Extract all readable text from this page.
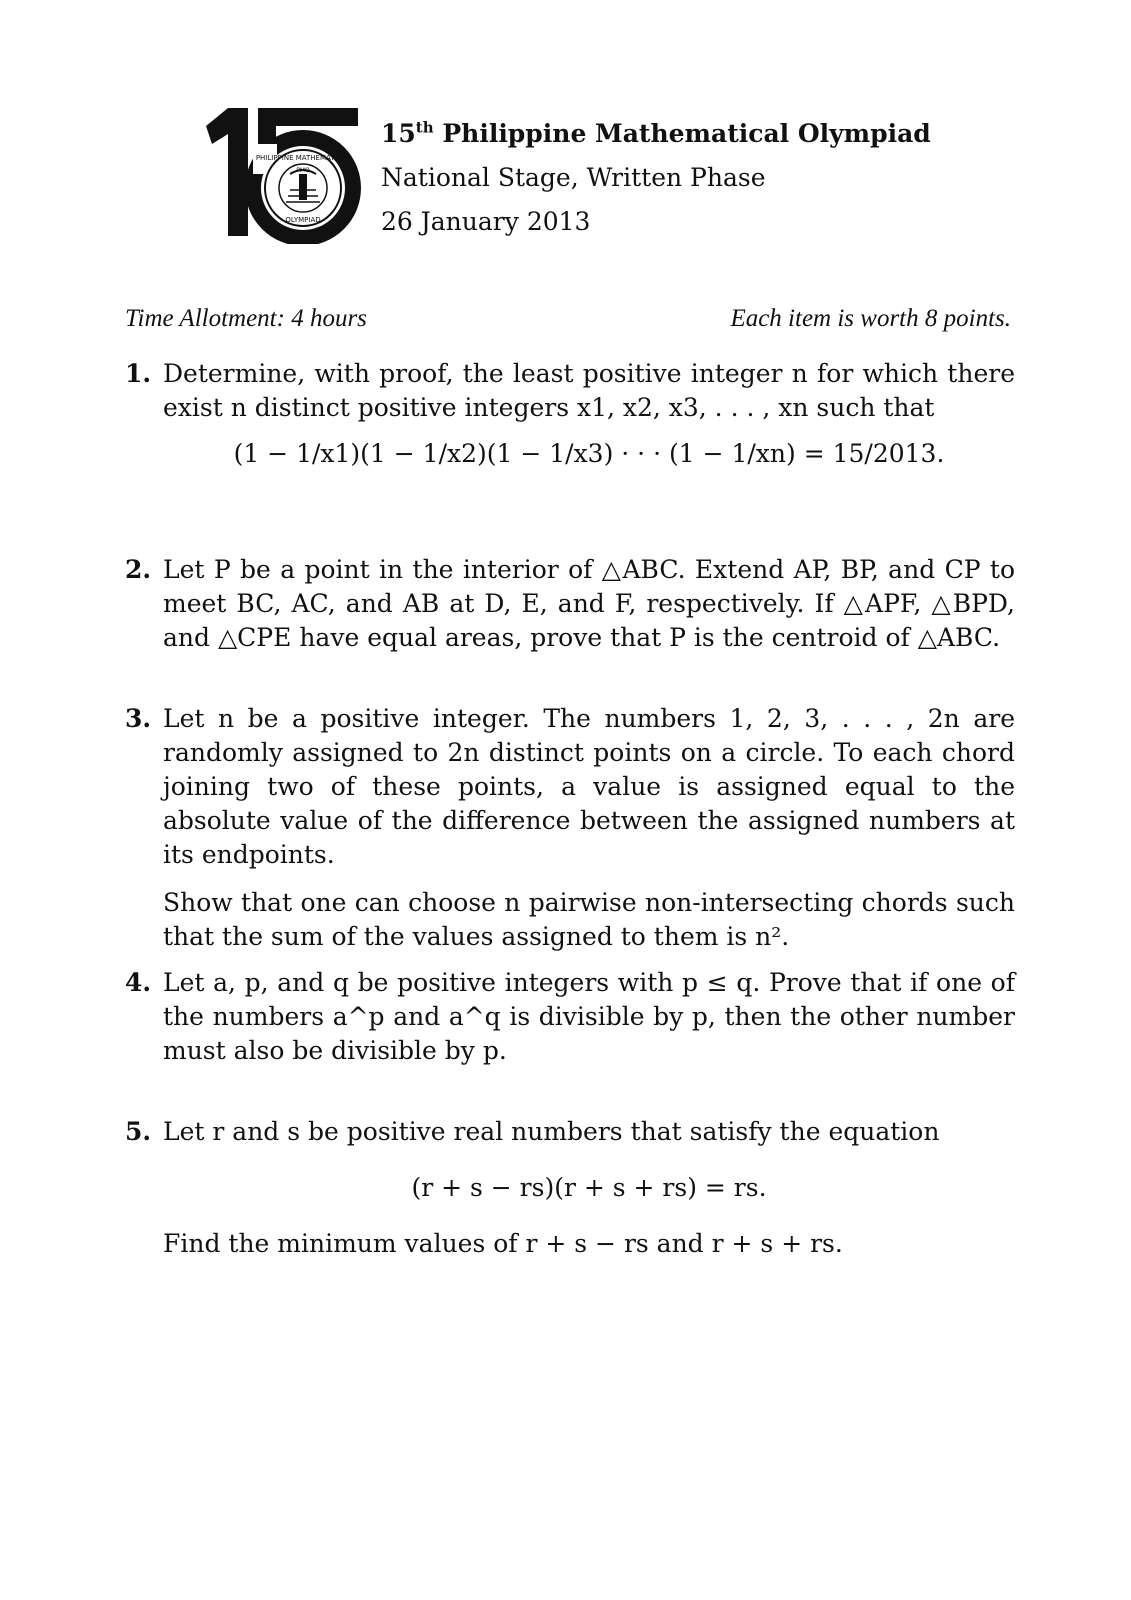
PHILIPPINE MATHEMATICAL
OLYMPIAD
PMO
15th Philippine Mathematical Olympiad
National Stage, Written Phase
26 January 2013
Time Allotment: 4 hours	Each item is worth 8 points.
1. Determine, with proof, the least positive integer n for which there exist n distinct positive integers x1, x2, x3, . . . , xn such that

(1 − 1/x1)(1 − 1/x2)(1 − 1/x3) · · · (1 − 1/xn) = 15/2013.
2. Let P be a point in the interior of △ABC. Extend AP, BP, and CP to meet BC, AC, and AB at D, E, and F, respectively. If △APF, △BPD, and △CPE have equal areas, prove that P is the centroid of △ABC.

3. Let n be a positive integer. The numbers 1, 2, 3, . . . , 2n are randomly assigned to 2n distinct points on a circle. To each chord joining two of these points, a value is assigned equal to the absolute value of the difference between the assigned numbers at its endpoints.

Show that one can choose n pairwise non-intersecting chords such that the sum of the values assigned to them is n².

4. Let a, p, and q be positive integers with p ≤ q. Prove that if one of the numbers a^p and a^q is divisible by p, then the other number must also be divisible by p.

5. Let r and s be positive real numbers that satisfy the equation

(r + s − rs)(r + s + rs) = rs.

Find the minimum values of r + s − rs and r + s + rs.
